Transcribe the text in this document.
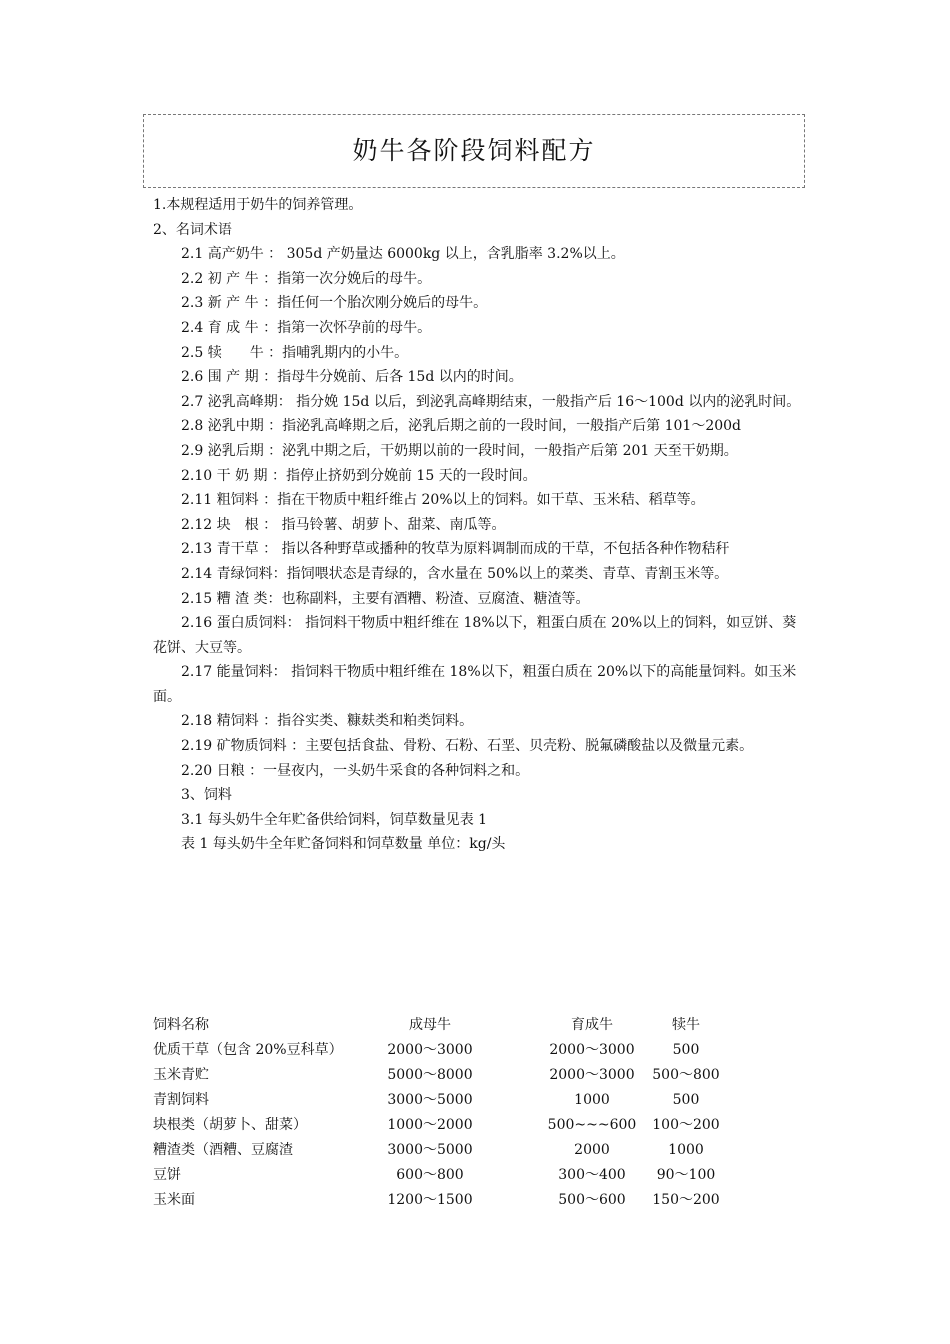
奶牛各阶段饲料配方

1.本规程适用于奶牛的饲养管理。

2、名词术语

2.1 高产奶牛 ： 305d 产奶量达 6000kg 以上，含乳脂率 3.2%以上。

2.2 初 产 牛 ：指第一次分娩后的母牛。

2.3 新 产 牛 ：指任何一个胎次刚分娩后的母牛。

2.4 育 成 牛 ：指第一次怀孕前的母牛。

2.5 犊　　牛 ：指哺乳期内的小牛。

2.6 围 产 期 ：指母牛分娩前、后各 15d 以内的时间。

2.7 泌乳高峰期： 指分娩 15d 以后，到泌乳高峰期结束，一般指产后 16～100d 以内的泌乳时间。

2.8 泌乳中期 ：指泌乳高峰期之后，泌乳后期之前的一段时间，一般指产后第 101～200d

2.9 泌乳后期 ：泌乳中期之后，干奶期以前的一段时间，一般指产后第 201 天至干奶期。

2.10 干 奶 期 ：指停止挤奶到分娩前 15 天的一段时间。

2.11 粗饲料 ：指在干物质中粗纤维占 20%以上的饲料。如干草、玉米秸、稻草等。

2.12 块　根 ： 指马铃薯、胡萝卜、甜菜、南瓜等。

2.13 青干草 ： 指以各种野草或播种的牧草为原料调制而成的干草，不包括各种作物秸秆

2.14 青绿饲料：指饲喂状态是青绿的，含水量在 50%以上的菜类、青草、青割玉米等。

2.15 糟 渣 类：也称副料，主要有酒糟、粉渣、豆腐渣、糖渣等。

2.16 蛋白质饲料： 指饲料干物质中粗纤维在 18%以下，粗蛋白质在 20%以上的饲料，如豆饼、葵花饼、大豆等。

2.17 能量饲料： 指饲料干物质中粗纤维在 18%以下，粗蛋白质在 20%以下的高能量饲料。如玉米面。

2.18 精饲料 ：指谷实类、糠麸类和粕类饲料。

2.19 矿物质饲料 ：主要包括食盐、骨粉、石粉、石垩、贝壳粉、脱氟磷酸盐以及微量元素。

2.20 日粮 ：一昼夜内，一头奶牛采食的各种饲料之和。

3、饲料

3.1 每头奶牛全年贮备供给饲料，饲草数量见表 1

表 1 每头奶牛全年贮备饲料和饲草数量 单位：kg/头

饲料名称	成母牛	育成牛	犊牛
优质干草（包含 20%豆科草）	2000～3000	2000～3000	500
玉米青贮	5000～8000	2000～3000	500～800
青割饲料	3000～5000	1000	500
块根类（胡萝卜、甜菜）	1000～2000	500~~~600	100～200
糟渣类（酒糟、豆腐渣	3000～5000	2000	1000
豆饼	600～800	300～400	90～100
玉米面	1200～1500	500～600	150～200
